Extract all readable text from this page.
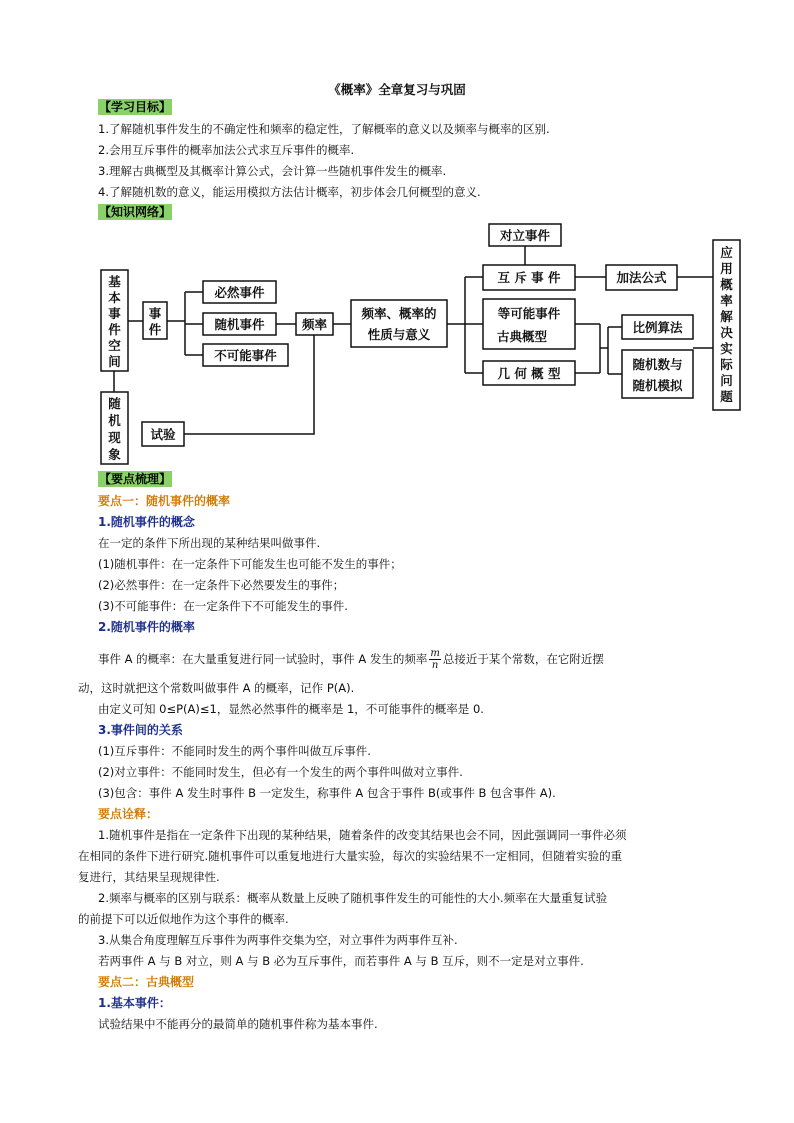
《概率》全章复习与巩固
【学习目标】
1.了解随机事件发生的不确定性和频率的稳定性，了解概率的意义以及频率与概率的区别.
2.会用互斥事件的概率加法公式求互斥事件的概率.
3.理解古典概型及其概率计算公式，会计算一些随机事件发生的概率.
4.了解随机数的意义，能运用模拟方法估计概率，初步体会几何概型的意义.
【知识网络】
基
本
事
件
空
间
随
机
现
象
事
件
必然事件
随机事件
不可能事件
试验
频率
频率、概率的
性质与意义
对立事件
互 斥 事 件	加法公式
等可能事件
古典概型
几 何 概 型
比例算法
随机数与
随机模拟
应
用
概
率
解
决
实
际
问
题
【要点梳理】
要点一：随机事件的概率
1.随机事件的概念
在一定的条件下所出现的某种结果叫做事件.
(1)随机事件：在一定条件下可能发生也可能不发生的事件；
(2)必然事件：在一定条件下必然要发生的事件；
(3)不可能事件：在一定条件下不可能发生的事件.
2.随机事件的概率
事件 A 的概率：在大量重复进行同一试验时，事件 A 发生的频率 $\frac{m}{n}$ 总接近于某个常数，在它附近摆
动，这时就把这个常数叫做事件 A 的概率，记作 P(A).
由定义可知 0≤P(A)≤1，显然必然事件的概率是 1，不可能事件的概率是 0.
3.事件间的关系
(1)互斥事件：不能同时发生的两个事件叫做互斥事件.
(2)对立事件：不能同时发生，但必有一个发生的两个事件叫做对立事件.
(3)包含：事件 A 发生时事件 B 一定发生，称事件 A 包含于事件 B(或事件 B 包含事件 A).
要点诠释：
1.随机事件是指在一定条件下出现的某种结果，随着条件的改变其结果也会不同，因此强调同一事件必须
在相同的条件下进行研究.随机事件可以重复地进行大量实验，每次的实验结果不一定相同，但随着实验的重
复进行，其结果呈现规律性.
2.频率与概率的区别与联系：概率从数量上反映了随机事件发生的可能性的大小.频率在大量重复试验
的前提下可以近似地作为这个事件的概率.
3.从集合角度理解互斥事件为两事件交集为空，对立事件为两事件互补.
若两事件 A 与 B 对立，则 A 与 B 必为互斥事件，而若事件 A 与 B 互斥，则不一定是对立事件.
要点二：古典概型
1.基本事件：
试验结果中不能再分的最简单的随机事件称为基本事件.
